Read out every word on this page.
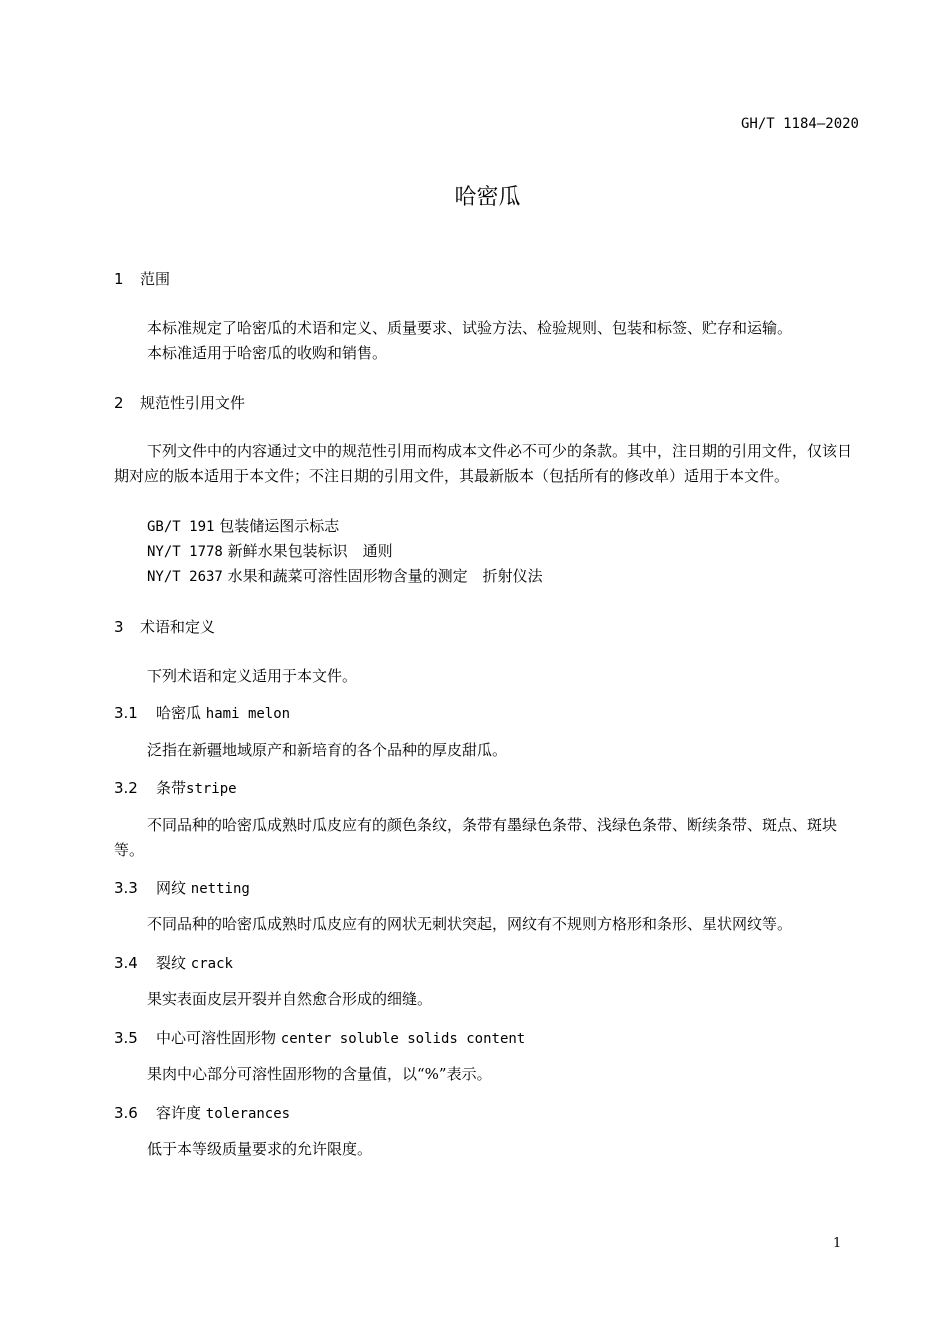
GH/T 1184—2020
哈密瓜
1 范围
本标准规定了哈密瓜的术语和定义、质量要求、试验方法、检验规则、包装和标签、贮存和运输。
本标准适用于哈密瓜的收购和销售。
2 规范性引用文件
下列文件中的内容通过文中的规范性引用而构成本文件必不可少的条款。其中，注日期的引用文件，仅该日期对应的版本适用于本文件；不注日期的引用文件，其最新版本（包括所有的修改单）适用于本文件。
GB/T 191 包装储运图示标志
NY/T 1778 新鲜水果包装标识　通则
NY/T 2637 水果和蔬菜可溶性固形物含量的测定　折射仪法
3 术语和定义
下列术语和定义适用于本文件。
3.1 哈密瓜 hami melon
泛指在新疆地域原产和新培育的各个品种的厚皮甜瓜。
3.2 条带stripe
不同品种的哈密瓜成熟时瓜皮应有的颜色条纹，条带有墨绿色条带、浅绿色条带、断续条带、斑点、斑块等。
3.3 网纹 netting
不同品种的哈密瓜成熟时瓜皮应有的网状无刺状突起，网纹有不规则方格形和条形、星状网纹等。
3.4 裂纹 crack
果实表面皮层开裂并自然愈合形成的细缝。
3.5 中心可溶性固形物 center soluble solids content
果肉中心部分可溶性固形物的含量值，以“%”表示。
3.6 容许度 tolerances
低于本等级质量要求的允许限度。
1
